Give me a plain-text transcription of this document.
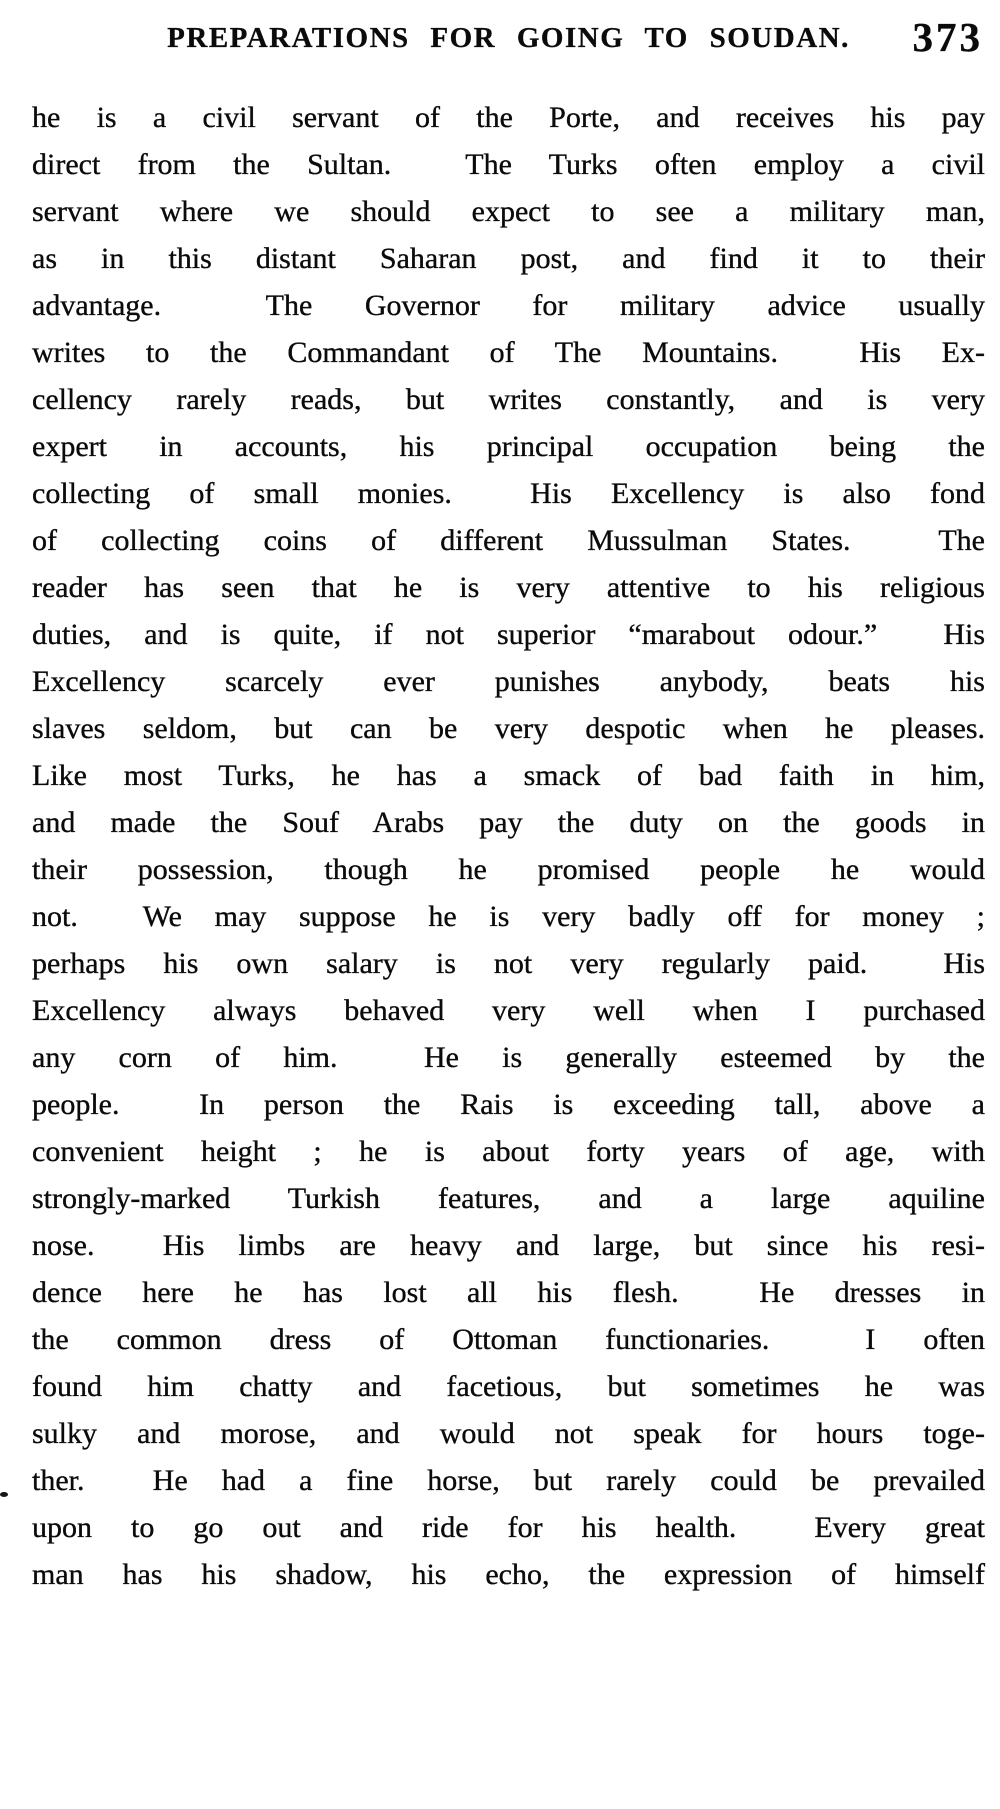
PREPARATIONS FOR GOING TO SOUDAN.	373
he is a civil servant of the Porte, and receives his pay
direct from the Sultan.  The Turks often employ a civil
servant where we should expect to see a military man,
as in this distant Saharan post, and find it to their
advantage.  The Governor for military advice usually
writes to the Commandant of The Mountains.  His Ex-
cellency rarely reads, but writes constantly, and is very
expert in accounts, his principal occupation being the
collecting of small monies.  His Excellency is also fond
of collecting coins of different Mussulman States.  The
reader has seen that he is very attentive to his religious
duties, and is quite, if not superior “marabout odour.”  His
Excellency scarcely ever punishes anybody, beats his
slaves seldom, but can be very despotic when he pleases.
Like most Turks, he has a smack of bad faith in him,
and made the Souf Arabs pay the duty on the goods in
their possession, though he promised people he would
not.  We may suppose he is very badly off for money ;
perhaps his own salary is not very regularly paid.  His
Excellency always behaved very well when I purchased
any corn of him.  He is generally esteemed by the
people.  In person the Rais is exceeding tall, above a
convenient height ; he is about forty years of age, with
strongly-marked Turkish features, and a large aquiline
nose.  His limbs are heavy and large, but since his resi-
dence here he has lost all his flesh.  He dresses in
the common dress of Ottoman functionaries.  I often
found him chatty and facetious, but sometimes he was
sulky and morose, and would not speak for hours toge-
ther.  He had a fine horse, but rarely could be prevailed
upon to go out and ride for his health.  Every great
man has his shadow, his echo, the expression of himself
